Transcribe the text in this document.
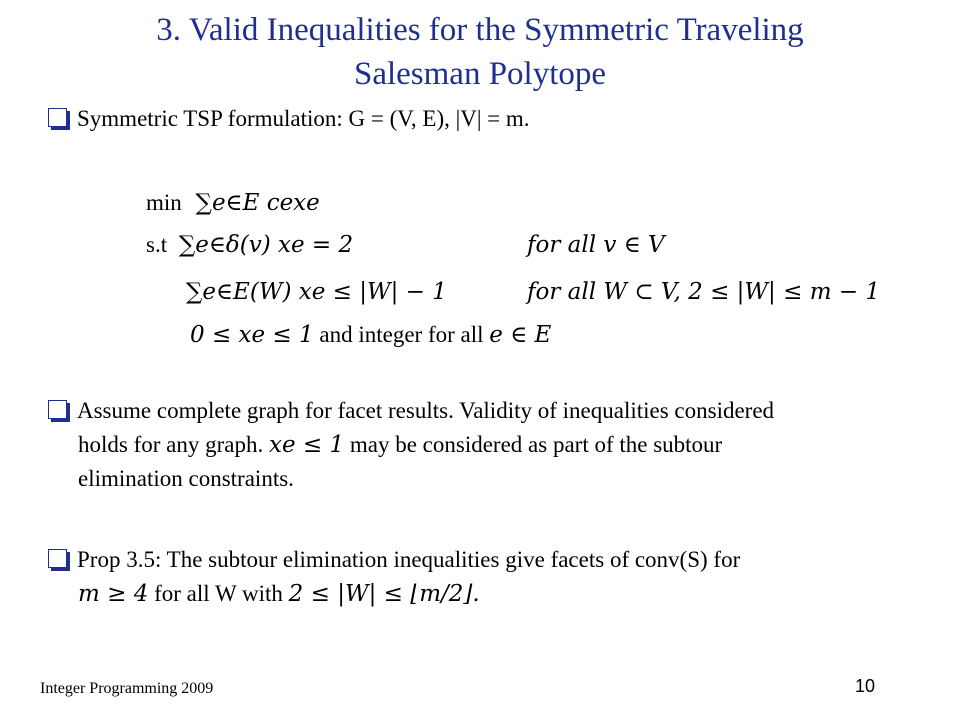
3. Valid Inequalities for the Symmetric Traveling
Salesman Polytope
Symmetric TSP formulation: G = (V, E), |V| = m.
min ∑e∈E cexe
s.t ∑e∈δ(v) xe = 2	for all v ∈ V
∑e∈E(W) xe ≤ |W| − 1	for all W ⊂ V, 2 ≤ |W| ≤ m − 1
0 ≤ xe ≤ 1 and integer for all e ∈ E
Assume complete graph for facet results. Validity of inequalities considered
holds for any graph. xe ≤ 1 may be considered as part of the subtour
elimination constraints.
Prop 3.5: The subtour elimination inequalities give facets of conv(S) for
m ≥ 4 for all W with 2 ≤ |W| ≤ ⌊m/2⌋.
Integer Programming 2009	10
